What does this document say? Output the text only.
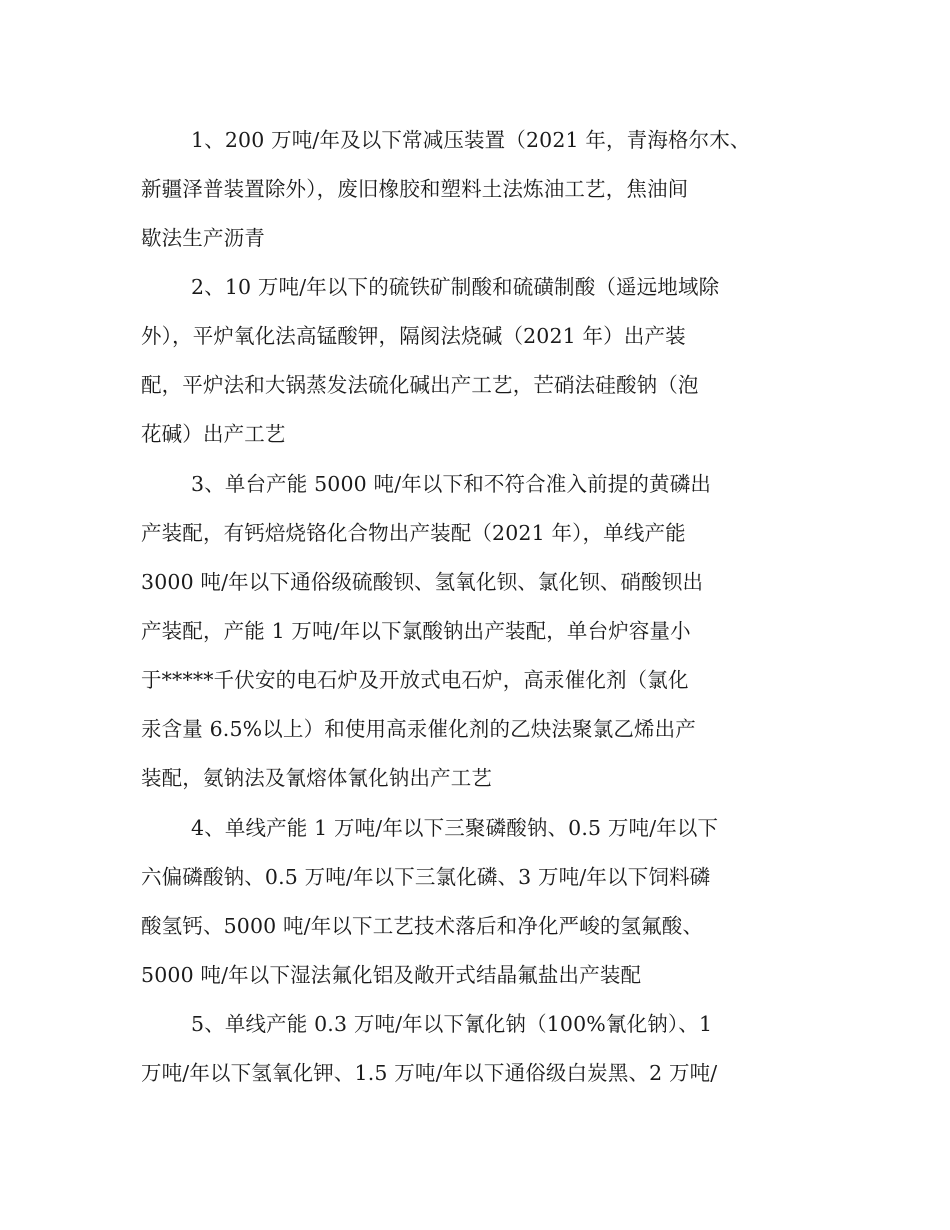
1、200 万吨/年及以下常减压装置（2021 年，青海格尔木、
新疆泽普装置除外），废旧橡胶和塑料土法炼油工艺，焦油间
歇法生产沥青
2、10 万吨/年以下的硫铁矿制酸和硫磺制酸（遥远地域除
外），平炉氧化法高锰酸钾，隔阂法烧碱（2021 年）出产装
配，平炉法和大锅蒸发法硫化碱出产工艺，芒硝法硅酸钠（泡
花碱）出产工艺
3、单台产能 5000 吨/年以下和不符合准入前提的黄磷出
产装配，有钙焙烧铬化合物出产装配（2021 年），单线产能
3000 吨/年以下通俗级硫酸钡、氢氧化钡、氯化钡、硝酸钡出
产装配，产能 1 万吨/年以下氯酸钠出产装配，单台炉容量小
于*****千伏安的电石炉及开放式电石炉，高汞催化剂（氯化
汞含量 6.5%以上）和使用高汞催化剂的乙炔法聚氯乙烯出产
装配，氨钠法及氰熔体氰化钠出产工艺
4、单线产能 1 万吨/年以下三聚磷酸钠、0.5 万吨/年以下
六偏磷酸钠、0.5 万吨/年以下三氯化磷、3 万吨/年以下饲料磷
酸氢钙、5000 吨/年以下工艺技术落后和净化严峻的氢氟酸、
5000 吨/年以下湿法氟化铝及敞开式结晶氟盐出产装配
5、单线产能 0.3 万吨/年以下氰化钠（100%氰化钠）、1
万吨/年以下氢氧化钾、1.5 万吨/年以下通俗级白炭黑、2 万吨/
